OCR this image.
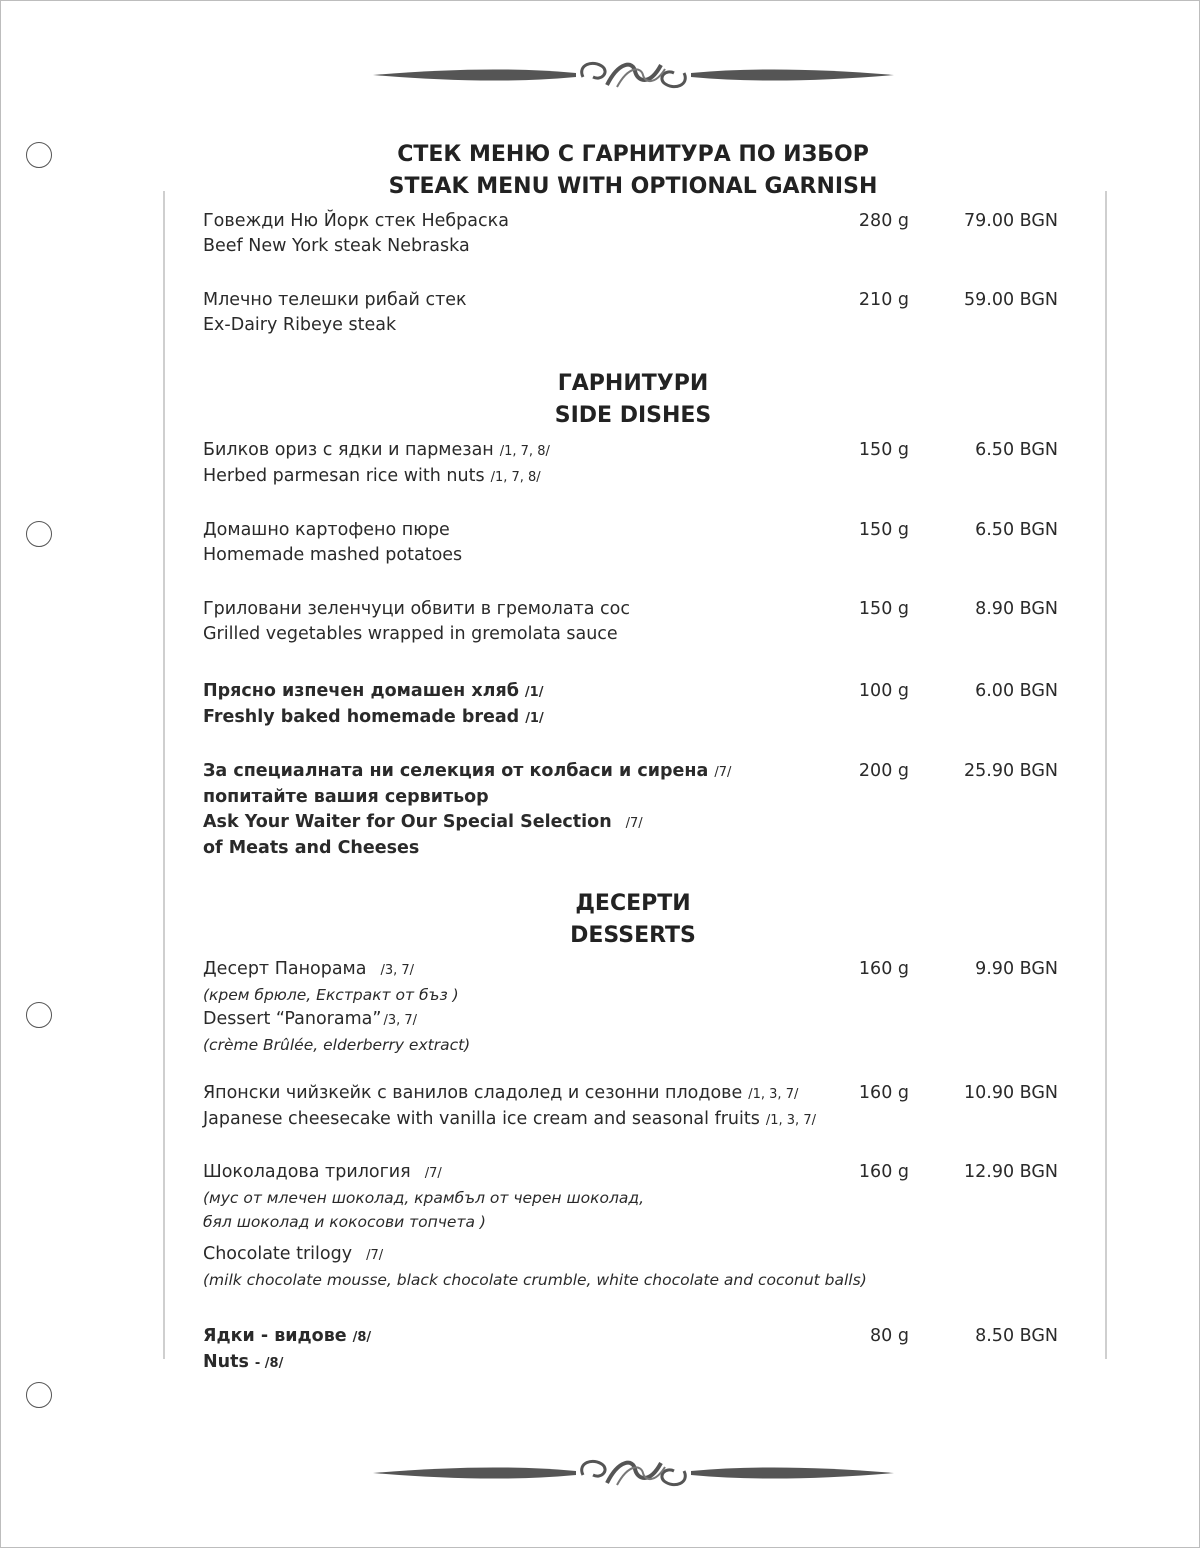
СТЕК МЕНЮ С ГАРНИТУРА ПО ИЗБОР
STEAK MENU WITH OPTIONAL GARNISH
Говежди Ню Йорк стек Небраска
Beef New York steak Nebraska
280 g	79.00 BGN
Млечно телешки рибай стек
Ex-Dairy Ribeye steak
210 g	59.00 BGN
ГАРНИТУРИ
SIDE DISHES
Билков ориз с ядки и пармезан /1, 7, 8/
Herbed parmesan rice with nuts /1, 7, 8/
150 g	6.50 BGN
Домашно картофено пюре
Homemade mashed potatoes
150 g	6.50 BGN
Гриловани зеленчуци обвити в гремолата сос
Grilled vegetables wrapped in gremolata sauce
150 g	8.90 BGN
Прясно изпечен домашен хляб /1/
Freshly baked homemade bread /1/
100 g	6.00 BGN
За специалната ни селекция от колбаси и сирена /7/
попитайте вашия сервитьор
Ask Your Waiter for Our Special Selection /7/
of Meats and Cheeses
200 g	25.90 BGN
ДЕСЕРТИ
DESSERTS
Десерт Панорама /3, 7/
(крем брюле, Екстракт от бъз )
Dessert “Panorama” /3, 7/
(crème Brûlée, elderberry extract)
160 g	9.90 BGN
Японски чийзкейк с ванилов сладолед и сезонни плодове /1, 3, 7/
Japanese cheesecake with vanilla ice cream and seasonal fruits /1, 3, 7/
160 g	10.90 BGN
Шоколадова трилогия /7/
(мус от млечен шоколад, крамбъл от черен шоколад,
бял шоколад и кокосови топчета )
Chocolate trilogy /7/
(milk chocolate mousse, black chocolate crumble, white chocolate and coconut balls)
160 g	12.90 BGN
Ядки - видове /8/
Nuts - /8/
80 g	8.50 BGN
